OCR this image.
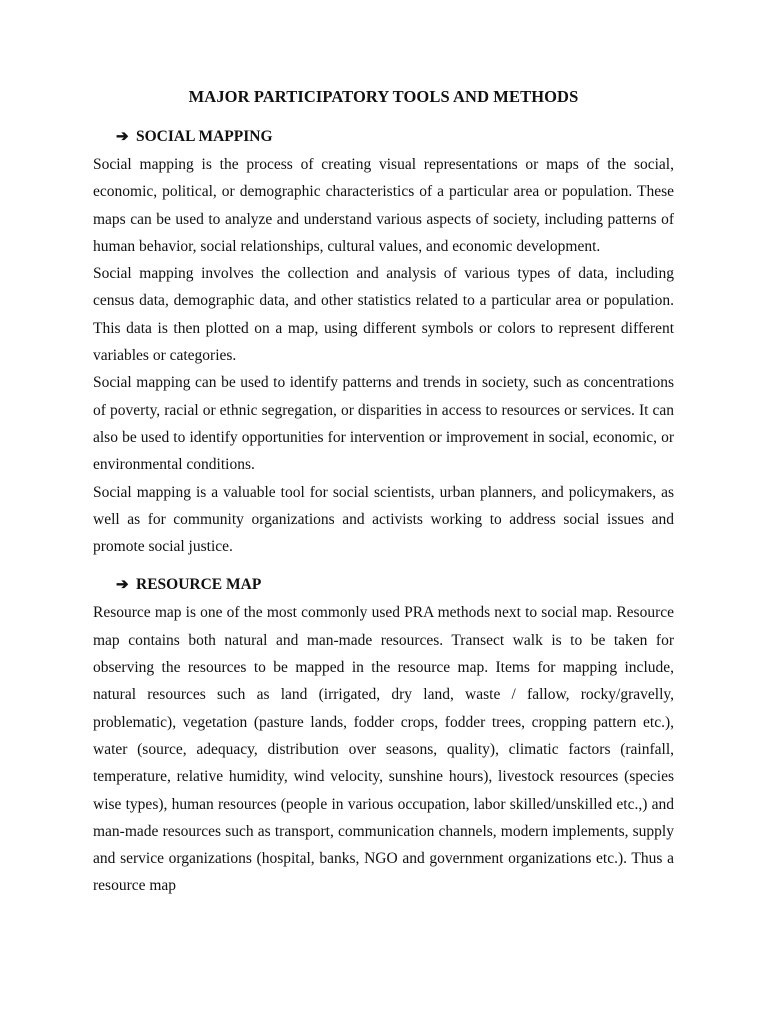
MAJOR PARTICIPATORY TOOLS AND METHODS
➔ SOCIAL MAPPING

Social mapping is the process of creating visual representations or maps of the social, economic, political, or demographic characteristics of a particular area or population. These maps can be used to analyze and understand various aspects of society, including patterns of human behavior, social relationships, cultural values, and economic development.

Social mapping involves the collection and analysis of various types of data, including census data, demographic data, and other statistics related to a particular area or population. This data is then plotted on a map, using different symbols or colors to represent different variables or categories.

Social mapping can be used to identify patterns and trends in society, such as concentrations of poverty, racial or ethnic segregation, or disparities in access to resources or services. It can also be used to identify opportunities for intervention or improvement in social, economic, or environmental conditions.

Social mapping is a valuable tool for social scientists, urban planners, and policymakers, as well as for community organizations and activists working to address social issues and promote social justice.

➔ RESOURCE MAP

Resource map is one of the most commonly used PRA methods next to social map. Resource map contains both natural and man-made resources. Transect walk is to be taken for observing the resources to be mapped in the resource map. Items for mapping include, natural resources such as land (irrigated, dry land, waste / fallow, rocky/gravelly, problematic), vegetation (pasture lands, fodder crops, fodder trees, cropping pattern etc.), water (source, adequacy, distribution over seasons, quality), climatic factors (rainfall, temperature, relative humidity, wind velocity, sunshine hours), livestock resources (species wise types), human resources (people in various occupation, labor skilled/unskilled etc.,) and man-made resources such as transport, communication channels, modern implements, supply and service organizations (hospital, banks, NGO and government organizations etc.). Thus a resource map
